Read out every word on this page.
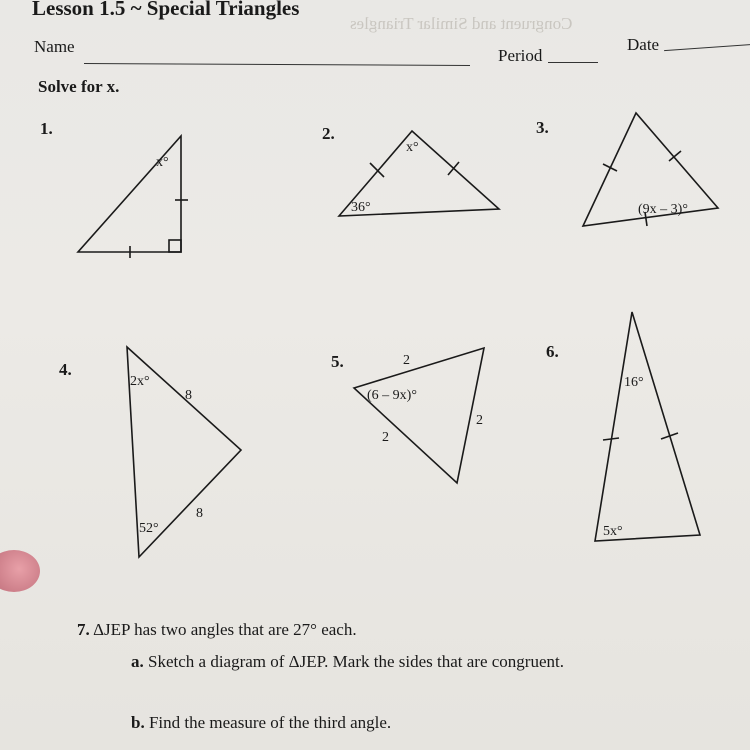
Congruent and Similar Triangles
Lesson 1.5 ~ Special Triangles
Name	Period
Date
Solve for x.
1.	2.	3.
4.	5.
6.
x°
x°
36°	(9x – 3)°
2x°
8
8
52°
2
(6 – 9x)°
2
2
16°
5x°
7. ΔJEP has two angles that are 27° each.
a. Sketch a diagram of ΔJEP. Mark the sides that are congruent.
b. Find the measure of the third angle.
